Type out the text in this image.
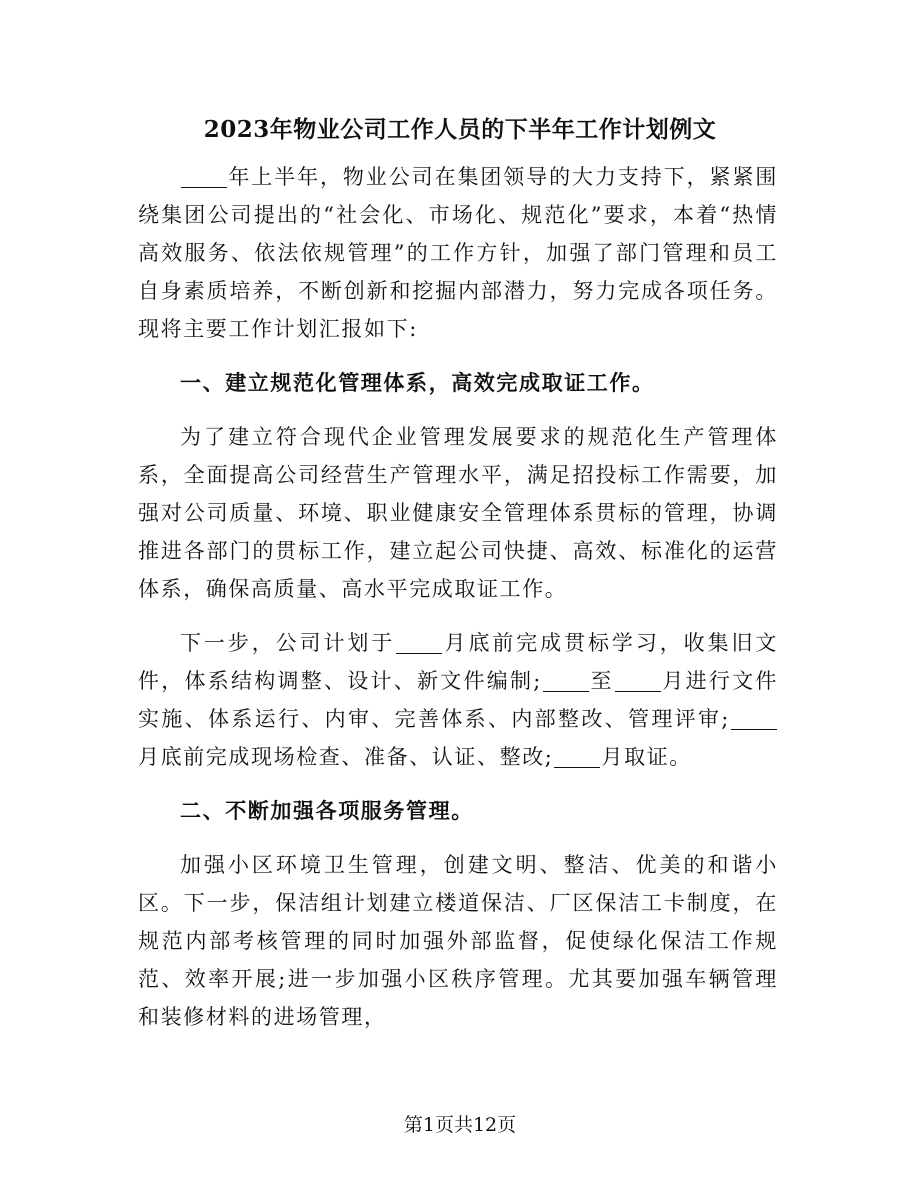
2023年物业公司工作人员的下半年工作计划例文

年上半年，物业公司在集团领导的大力支持下，紧紧围绕集团公司提出的“社会化、市场化、规范化”要求，本着“热情高效服务、依法依规管理”的工作方针，加强了部门管理和员工自身素质培养，不断创新和挖掘内部潜力，努力完成各项任务。现将主要工作计划汇报如下:

一、建立规范化管理体系，高效完成取证工作。

为了建立符合现代企业管理发展要求的规范化生产管理体系，全面提高公司经营生产管理水平，满足招投标工作需要，加强对公司质量、环境、职业健康安全管理体系贯标的管理，协调推进各部门的贯标工作，建立起公司快捷、高效、标准化的运营体系，确保高质量、高水平完成取证工作。

下一步，公司计划于 月底前完成贯标学习，收集旧文件，体系结构调整、设计、新文件编制; 至 月进行文件实施、体系运行、内审、完善体系、内部整改、管理评审;月底前完成现场检查、准备、认证、整改; 月取证。

二、不断加强各项服务管理。

加强小区环境卫生管理，创建文明、整洁、优美的和谐小区。下一步，保洁组计划建立楼道保洁、厂区保洁工卡制度，在规范内部考核管理的同时加强外部监督，促使绿化保洁工作规范、效率开展;进一步加强小区秩序管理。尤其要加强车辆管理和装修材料的进场管理，

第1页共12页
